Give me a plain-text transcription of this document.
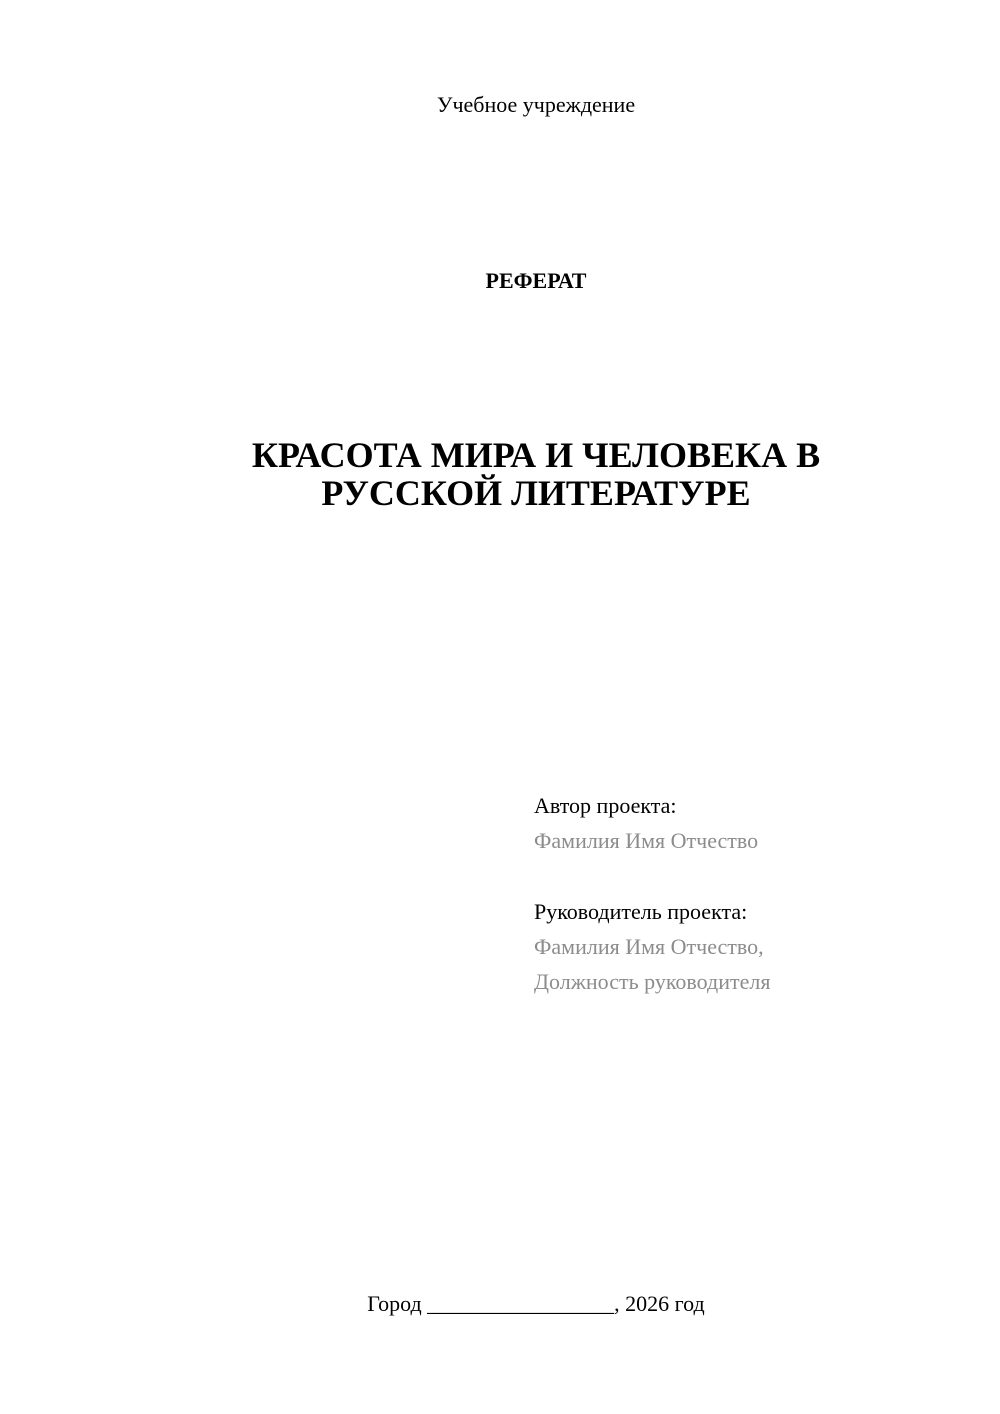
Учебное учреждение
РЕФЕРАТ
КРАСОТА МИРА И ЧЕЛОВЕКА В
РУССКОЙ ЛИТЕРАТУРЕ
Автор проекта:
Фамилия Имя Отчество
Руководитель проекта:
Фамилия Имя Отчество,
Должность руководителя
Город _________________, 2026 год
